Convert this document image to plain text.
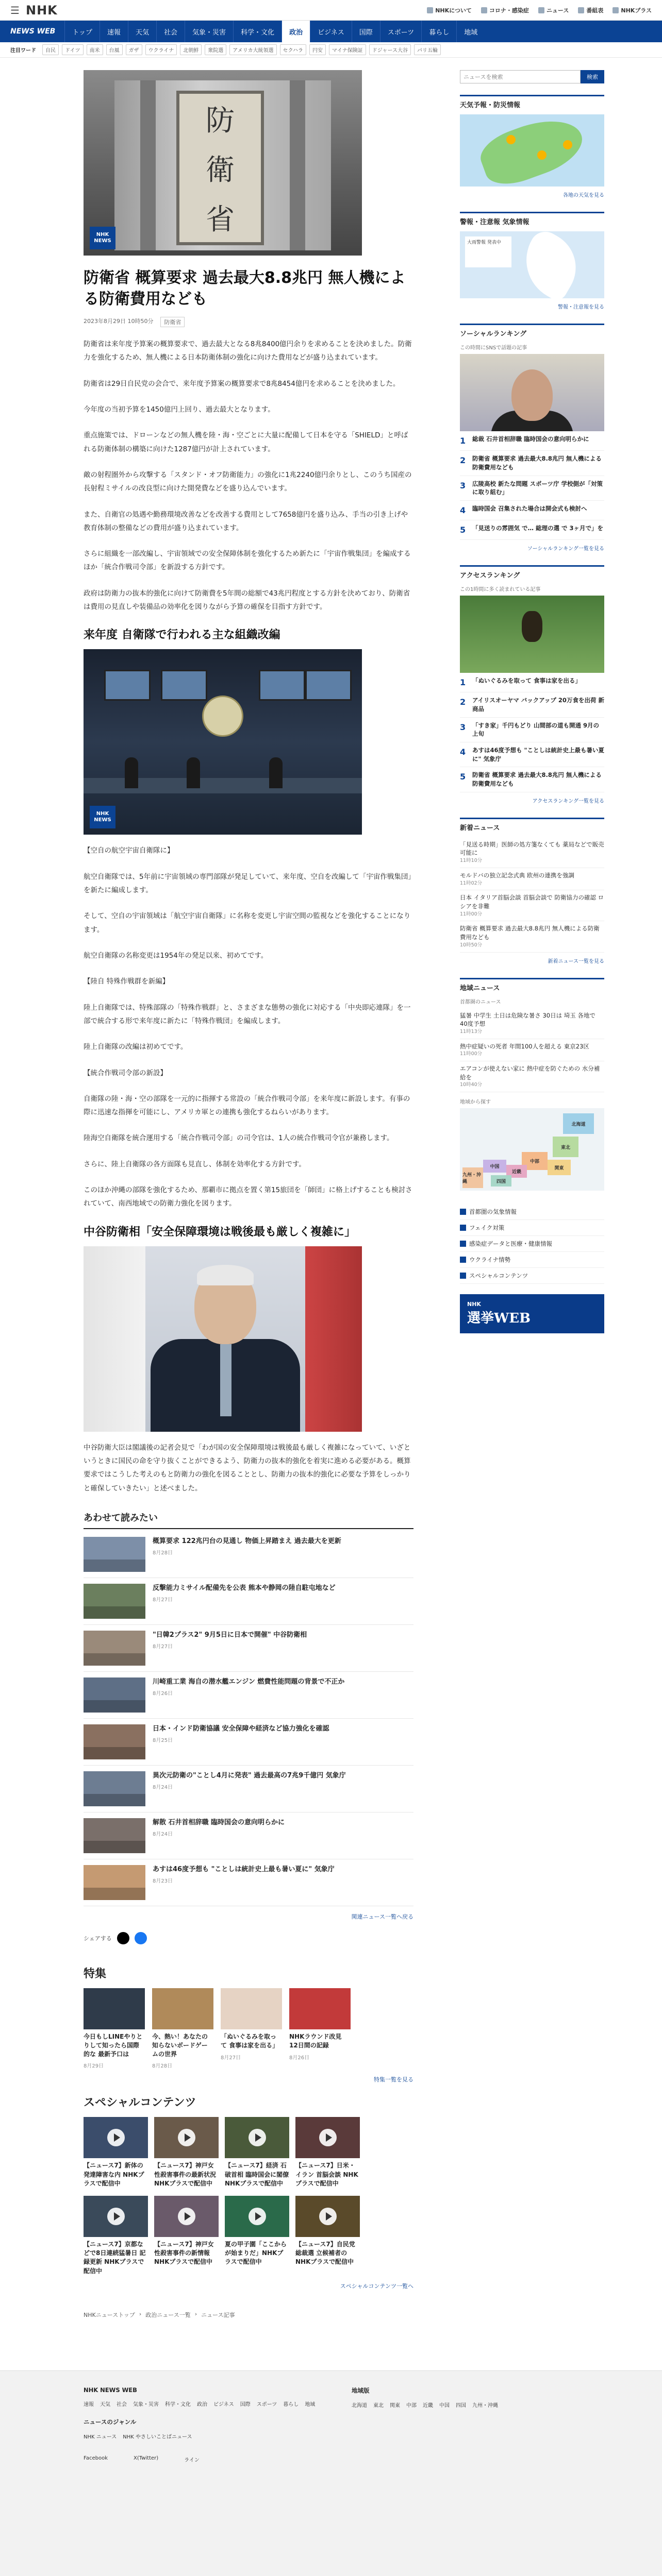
☰ NHK	NHKについて	コロナ・感染症	ニュース	番組表	NHKプラス
NEWS WEB	トップ	速報	天気	社会	気象・災害	科学・文化	政治	ビジネス	国際	スポーツ	暮らし	地域
注目ワード	自民	ドイツ	南米	台風	ガザ	ウクライナ	北朝鮮	衆院選	アメリカ大統領選	セクハラ	円安	マイナ保険証	ドジャース大谷	パリ五輪
防
衛
省
NHK
NEWS
防衛省 概算要求 過去最大8.8兆円 無人機による防衛費用なども
2023年8月29日 10時50分	防衛省

防衛省は来年度予算案の概算要求で、過去最大となる8兆8400億円余りを求めることを決めました。防衛力を強化するため、無人機による日本防衛体制の強化に向けた費用などが盛り込まれています。

防衛省は29日自民党の会合で、来年度予算案の概算要求で8兆8454億円を求めることを決めました。

今年度の当初予算を1450億円上回り、過去最大となります。

重点施策では、ドローンなどの無人機を陸・海・空ごとに大量に配備して日本を守る「SHIELD」と呼ばれる防衛体制の構築に向けた1287億円が計上されています。

敵の射程圏外から攻撃する「スタンド・オフ防衛能力」の強化に1兆2240億円余りとし、このうち国産の長射程ミサイルの改良型に向けた開発費などを盛り込んでいます。

また、自衛官の処遇や勤務環境改善などを改善する費用として7658億円を盛り込み、手当の引き上げや教育体制の整備などの費用が盛り込まれています。

さらに組織を一部改編し、宇宙領域での安全保障体制を強化するため新たに「宇宙作戦集団」を編成するほか「統合作戦司令部」を新設する方針です。

政府は防衛力の抜本的強化に向けて防衛費を5年間の総額で43兆円程度とする方針を決めており、防衛省は費用の見直しや装備品の効率化を図りながら予算の確保を目指す方針です。

来年度 自衛隊で行われる主な組織改編
NHK
NEWS

【空自の航空宇宙自衛隊に】

航空自衛隊では、5年前に宇宙領域の専門部隊が発足していて、来年度、空自を改編して「宇宙作戦集団」を新たに編成します。

そして、空自の宇宙領域は「航空宇宙自衛隊」に名称を変更し宇宙空間の監視などを強化することになります。

航空自衛隊の名称変更は1954年の発足以来、初めてです。

【陸自 特殊作戦群を新編】

陸上自衛隊では、特殊部隊の「特殊作戦群」と、さまざまな態勢の強化に対応する「中央即応連隊」を一部で統合する形で来年度に新たに「特殊作戦団」を編成します。

陸上自衛隊の改編は初めてです。

【統合作戦司令部の新設】

自衛隊の陸・海・空の部隊を一元的に指揮する常設の「統合作戦司令部」を来年度に新設します。有事の際に迅速な指揮を可能にし、アメリカ軍との連携も強化するねらいがあります。

陸海空自衛隊を統合運用する「統合作戦司令部」の司令官は、1人の統合作戦司令官が兼務します。

さらに、陸上自衛隊の各方面隊も見直し、体制を効率化する方針です。

このほか沖縄の部隊を強化するため、那覇市に拠点を置く第15旅団を「師団」に格上げすることも検討されていて、南西地域での防衛力強化を図ります。

中谷防衛相「安全保障環境は戦後最も厳しく複雑に」

中谷防衛大臣は閣議後の記者会見で「わが国の安全保障環境は戦後最も厳しく複雑になっていて、いざというときに国民の命を守り抜くことができるよう、防衛力の抜本的強化を着実に進める必要がある。概算要求ではこうした考えのもと防衛力の強化を図ることとし、防衛力の抜本的強化に必要な予算をしっかりと確保していきたい」と述べました。

あわせて読みたい
概算要求 122兆円台の見通し 物価上昇踏まえ 過去最大を更新
8月28日
反撃能力ミサイル配備先を公表 熊本や静岡の陸自駐屯地など
8月27日
"日韓2プラス2" 9月5日に日本で開催" 中谷防衛相
8月27日
川崎重工業 海自の潜水艦エンジン 燃費性能問題の背景で不正か
8月26日
日本・インド防衛協議 安全保障や経済など協力強化を確認
8月25日
異次元防衛の"ことし4月に発表" 過去最高の7兆9千億円 気象庁
8月24日
解散 石井首相辞職 臨時国会の意向明らかに
8月24日
あすは46度予想も "ことしは統計史上最も暑い夏に" 気象庁
8月23日
関連ニュース一覧へ戻る
シェアする
特集
今日もしLINEやりとりして知ったら国際的な 最新予口は
8月29日
今、熱い！あなたの知らないボードゲームの世界
8月28日
「ぬいぐるみを取って 食事は家を出る」
8月27日
NHKラウンド改見 12日間の記録
8月26日
特集一覧を見る
スペシャルコンテンツ
【ニュース7】新体の発達障害な内 NHKプラスで配信中
【ニュース7】神戸女性殺害事件の最新状況 NHKプラスで配信中
【ニュース7】経済 石破首相 臨時国会に閣僚 NHKプラスで配信中
【ニュース7】日米・イラン 首脳会談 NHKプラスで配信中
【ニュース7】京都などで8日連続猛暑日 記録更新 NHKプラスで配信中
【ニュース7】神戸女性殺害事件の新情報 NHKプラスで配信中
夏の甲子園「ここからが始まりだ」NHKプラスで配信中
【ニュース7】自民党総裁選 立候補者のNHKプラスで配信中
スペシャルコンテンツ一覧へ
NHKニューストップ › 政治ニュース一覧 › ニュース記事
ニュースを検索
検索
天気予報・防災情報
各地の天気を見る
警報・注意報 気象情報
大雨警報 発表中
警報・注意報を見る
ソーシャルランキング
この時間にSNSで話題の記事
1	総裁 石井首相辞職 臨時国会の意向明らかに
2	防衛省 概算要求 過去最大8.8兆円 無人機による防衛費用なども
3	広陵高校 新たな問題 スポーツ庁 学校側が「対策に取り組む」
4	臨時国会 召集された場合は開会式も検討へ
5	「見送りの雰囲気 で… 総理の選 で 3ヶ月で」を
ソーシャルランキング一覧を見る
アクセスランキング
この1時間に多く読まれている記事
1	「ぬいぐるみを取って 食事は家を出る」
2	アイリスオーヤマ バックアップ 20万食を出荷 新商品
3	「すき家」千円もどり 山間部の道も開通 9月の上旬
4	あすは46度予想も "ことしは統計史上最も暑い夏に" 気象庁
5	防衛省 概算要求 過去最大8.8兆円 無人機による防衛費用なども
アクセスランキング一覧を見る
新着ニュース
「見送る時期」医師の処方箋なくても 薬局などで販売可能に
11時10分
モルドバの独立記念式典 欧州の連携を強調
11時02分
日本 イタリア首脳会談 首脳会談で 防衛協力の確認 ロシアを非難
11時00分
防衛省 概算要求 過去最大8.8兆円 無人機による防衛費用なども
10時50分
新着ニュース一覧を見る
地域ニュース
首都圏のニュース
猛暑 中学生 土日は危険な暑さ 30日は 埼玉 各地で 40度予想
11時13分
熱中症疑いの死者 年間100人を超える 東京23区
11時00分
エアコンが使えない家に 熱中症を防ぐための 水分補給を
10時40分
地域から探す
北海道
東北
関東
中部
近畿
中国
四国
九州・沖縄
首都圏の気象情報
フェイク対策
感染症データと医療・健康情報
ウクライナ情勢
スペシャルコンテンツ
NHK
選挙WEB
NHK NEWS WEB
速報 天気 社会 気象・災害 科学・文化 政治 ビジネス 国際 スポーツ 暮らし 地域
ニュースのジャンル
NHK ニュース NHK やさしいことばニュース
Facebook	X(Twitter)	ライン
地域版
北海道 東北 関東 中部 近畿 中国 四国 九州・沖縄
